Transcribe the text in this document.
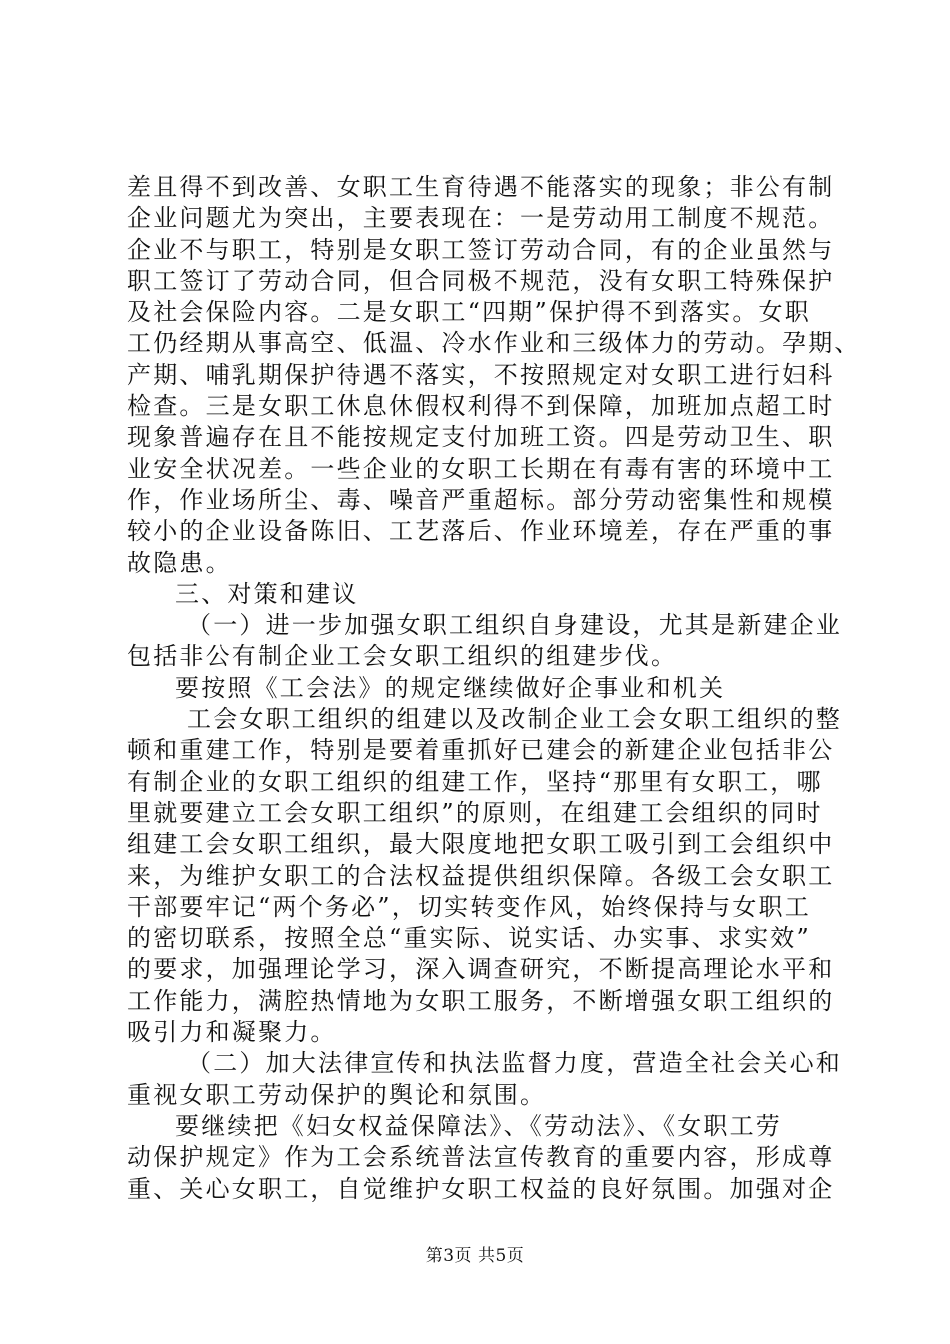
差且得不到改善、女职工生育待遇不能落实的现象；非公有制
企业问题尤为突出，主要表现在：一是劳动用工制度不规范。
企业不与职工，特别是女职工签订劳动合同，有的企业虽然与
职工签订了劳动合同，但合同极不规范，没有女职工特殊保护
及社会保险内容。二是女职工“四期”保护得不到落实。女职
工仍经期从事高空、低温、冷水作业和三级体力的劳动。孕期、
产期、哺乳期保护待遇不落实，不按照规定对女职工进行妇科
检查。三是女职工休息休假权利得不到保障，加班加点超工时
现象普遍存在且不能按规定支付加班工资。四是劳动卫生、职
业安全状况差。一些企业的女职工长期在有毒有害的环境中工
作，作业场所尘、毒、噪音严重超标。部分劳动密集性和规模
较小的企业设备陈旧、工艺落后、作业环境差，存在严重的事
故隐患。
三、对策和建议
（一）进一步加强女职工组织自身建设，尤其是新建企业
包括非公有制企业工会女职工组织的组建步伐。
要按照《工会法》的规定继续做好企事业和机关
工会女职工组织的组建以及改制企业工会女职工组织的整
顿和重建工作，特别是要着重抓好已建会的新建企业包括非公
有制企业的女职工组织的组建工作，坚持“那里有女职工，哪
里就要建立工会女职工组织”的原则，在组建工会组织的同时
组建工会女职工组织，最大限度地把女职工吸引到工会组织中
来，为维护女职工的合法权益提供组织保障。各级工会女职工
干部要牢记“两个务必”，切实转变作风，始终保持与女职工
的密切联系，按照全总“重实际、说实话、办实事、求实效”
的要求，加强理论学习，深入调查研究，不断提高理论水平和
工作能力，满腔热情地为女职工服务，不断增强女职工组织的
吸引力和凝聚力。
（二）加大法律宣传和执法监督力度，营造全社会关心和
重视女职工劳动保护的舆论和氛围。
要继续把《妇女权益保障法》、《劳动法》、《女职工劳
动保护规定》作为工会系统普法宣传教育的重要内容，形成尊
重、关心女职工，自觉维护女职工权益的良好氛围。加强对企
第3页 共5页
